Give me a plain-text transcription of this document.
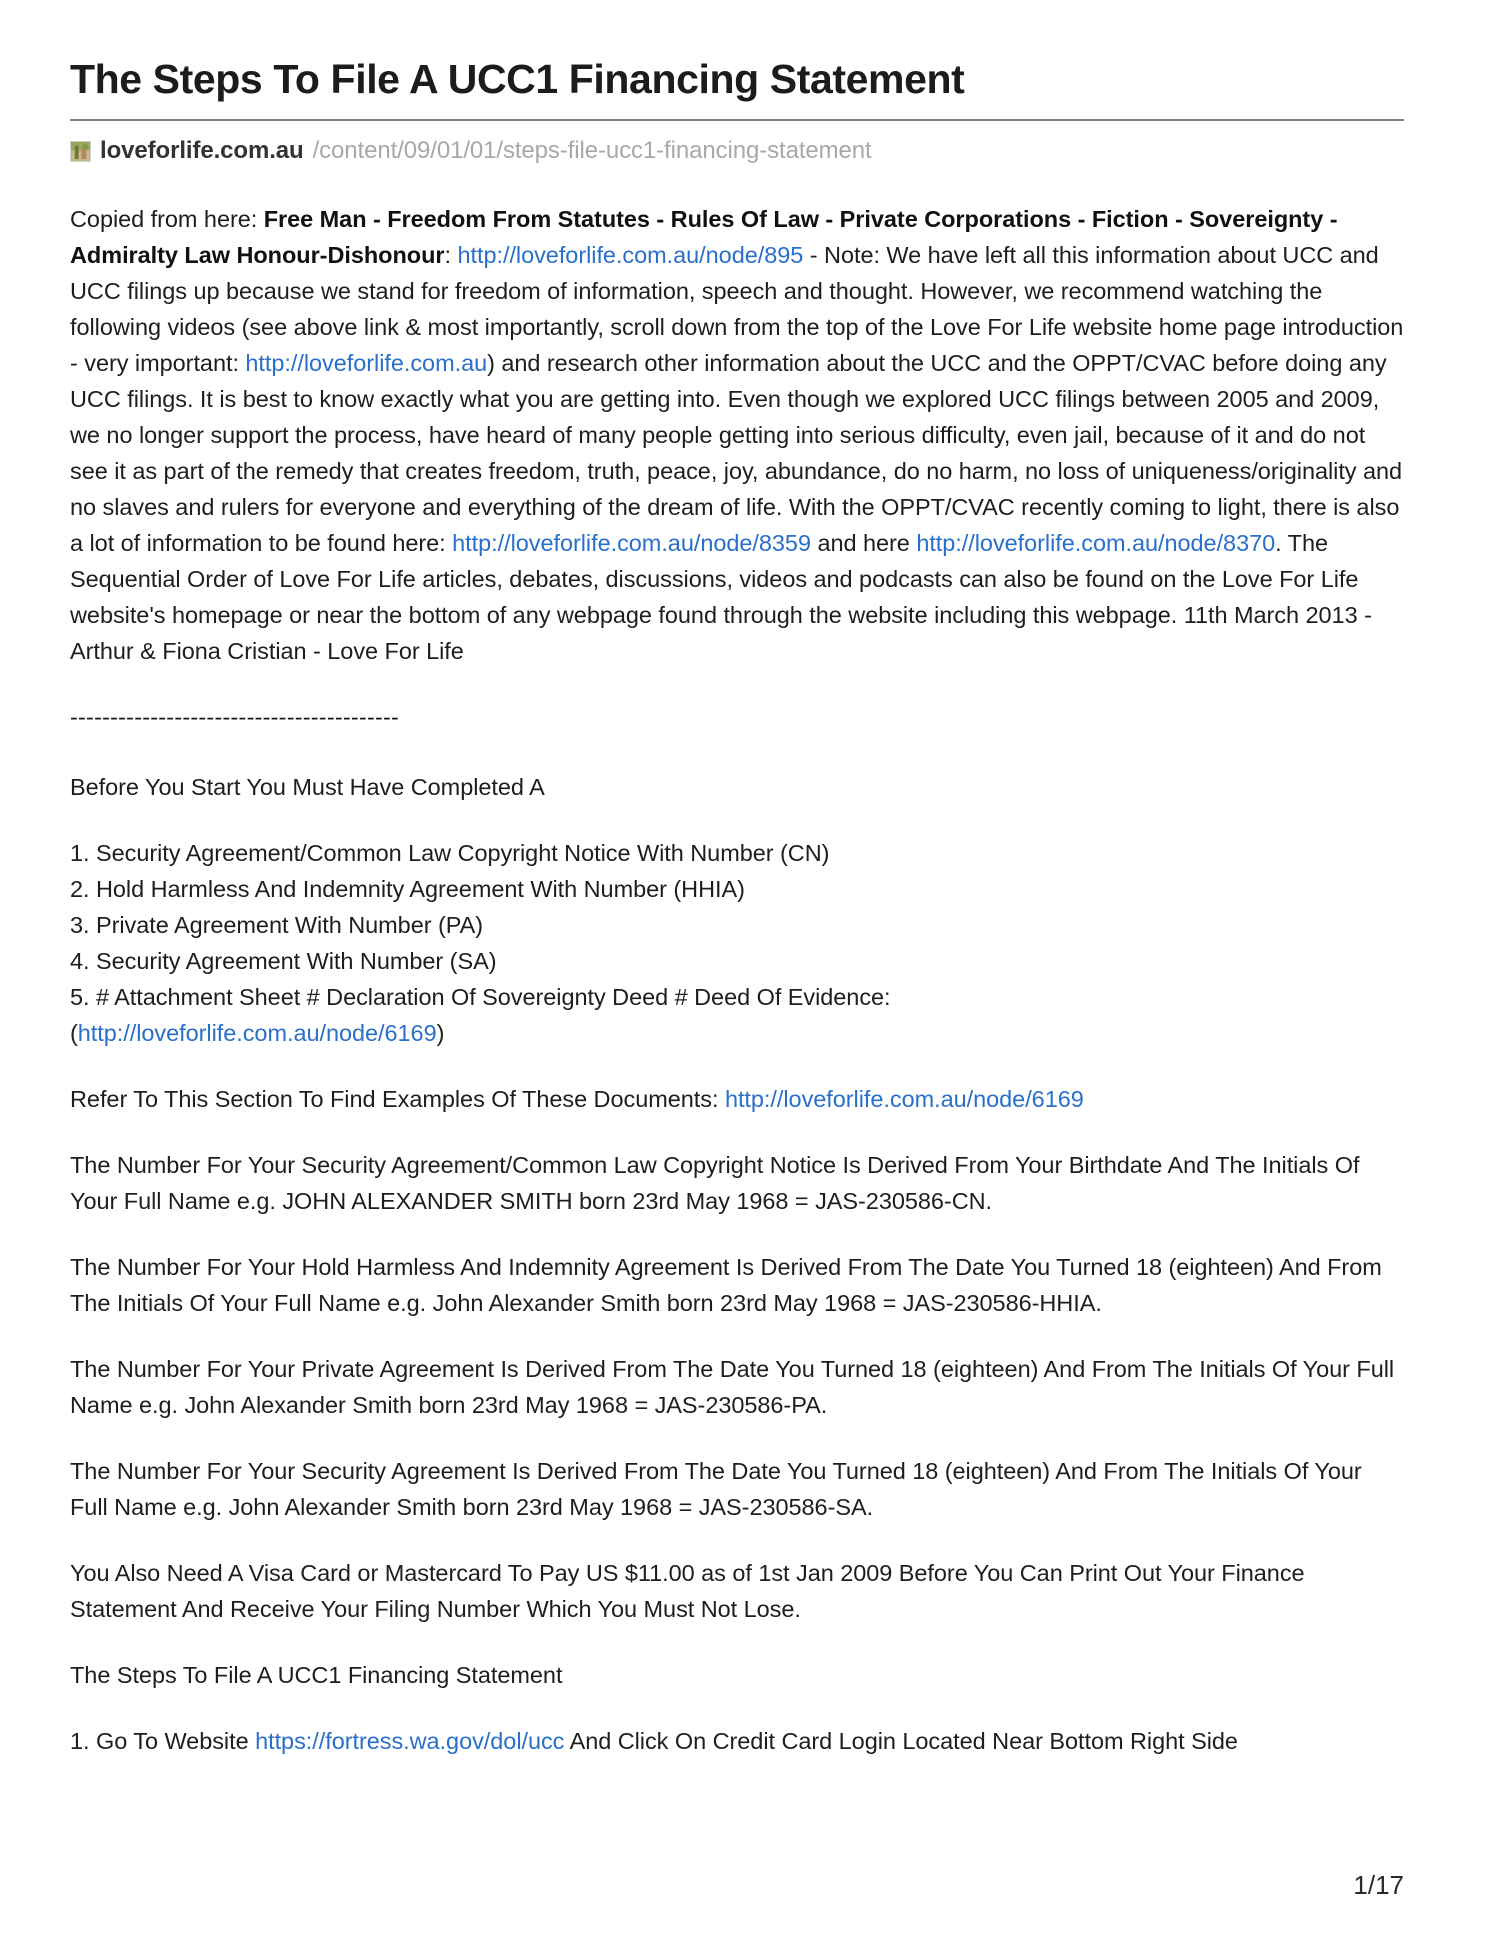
The Steps To File A UCC1 Financing Statement
loveforlife.com.au /content/09/01/01/steps-file-ucc1-financing-statement

Copied from here: Free Man - Freedom From Statutes - Rules Of Law - Private Corporations - Fiction - Sovereignty - Admiralty Law Honour-Dishonour: http://loveforlife.com.au/node/895 - Note: We have left all this information about UCC and UCC filings up because we stand for freedom of information, speech and thought. However, we recommend watching the following videos (see above link & most importantly, scroll down from the top of the Love For Life website home page introduction - very important: http://loveforlife.com.au) and research other information about the UCC and the OPPT/CVAC before doing any UCC filings. It is best to know exactly what you are getting into. Even though we explored UCC filings between 2005 and 2009, we no longer support the process, have heard of many people getting into serious difficulty, even jail, because of it and do not see it as part of the remedy that creates freedom, truth, peace, joy, abundance, do no harm, no loss of uniqueness/originality and no slaves and rulers for everyone and everything of the dream of life. With the OPPT/CVAC recently coming to light, there is also a lot of information to be found here: http://loveforlife.com.au/node/8359 and here http://loveforlife.com.au/node/8370. The Sequential Order of Love For Life articles, debates, discussions, videos and podcasts can also be found on the Love For Life website's homepage or near the bottom of any webpage found through the website including this webpage. 11th March 2013 - Arthur & Fiona Cristian - Love For Life

-----------------------------------------

Before You Start You Must Have Completed A

1. Security Agreement/Common Law Copyright Notice With Number (CN)
2. Hold Harmless And Indemnity Agreement With Number (HHIA)
3. Private Agreement With Number (PA)
4. Security Agreement With Number (SA)
5. # Attachment Sheet # Declaration Of Sovereignty Deed # Deed Of Evidence:
(http://loveforlife.com.au/node/6169)

Refer To This Section To Find Examples Of These Documents: http://loveforlife.com.au/node/6169

The Number For Your Security Agreement/Common Law Copyright Notice Is Derived From Your Birthdate And The Initials Of Your Full Name e.g. JOHN ALEXANDER SMITH born 23rd May 1968 = JAS-230586-CN.

The Number For Your Hold Harmless And Indemnity Agreement Is Derived From The Date You Turned 18 (eighteen) And From The Initials Of Your Full Name e.g. John Alexander Smith born 23rd May 1968 = JAS-230586-HHIA.

The Number For Your Private Agreement Is Derived From The Date You Turned 18 (eighteen) And From The Initials Of Your Full Name e.g. John Alexander Smith born 23rd May 1968 = JAS-230586-PA.

The Number For Your Security Agreement Is Derived From The Date You Turned 18 (eighteen) And From The Initials Of Your Full Name e.g. John Alexander Smith born 23rd May 1968 = JAS-230586-SA.

You Also Need A Visa Card or Mastercard To Pay US $11.00 as of 1st Jan 2009 Before You Can Print Out Your Finance Statement And Receive Your Filing Number Which You Must Not Lose.

The Steps To File A UCC1 Financing Statement

1. Go To Website https://fortress.wa.gov/dol/ucc And Click On Credit Card Login Located Near Bottom Right Side

1/17
